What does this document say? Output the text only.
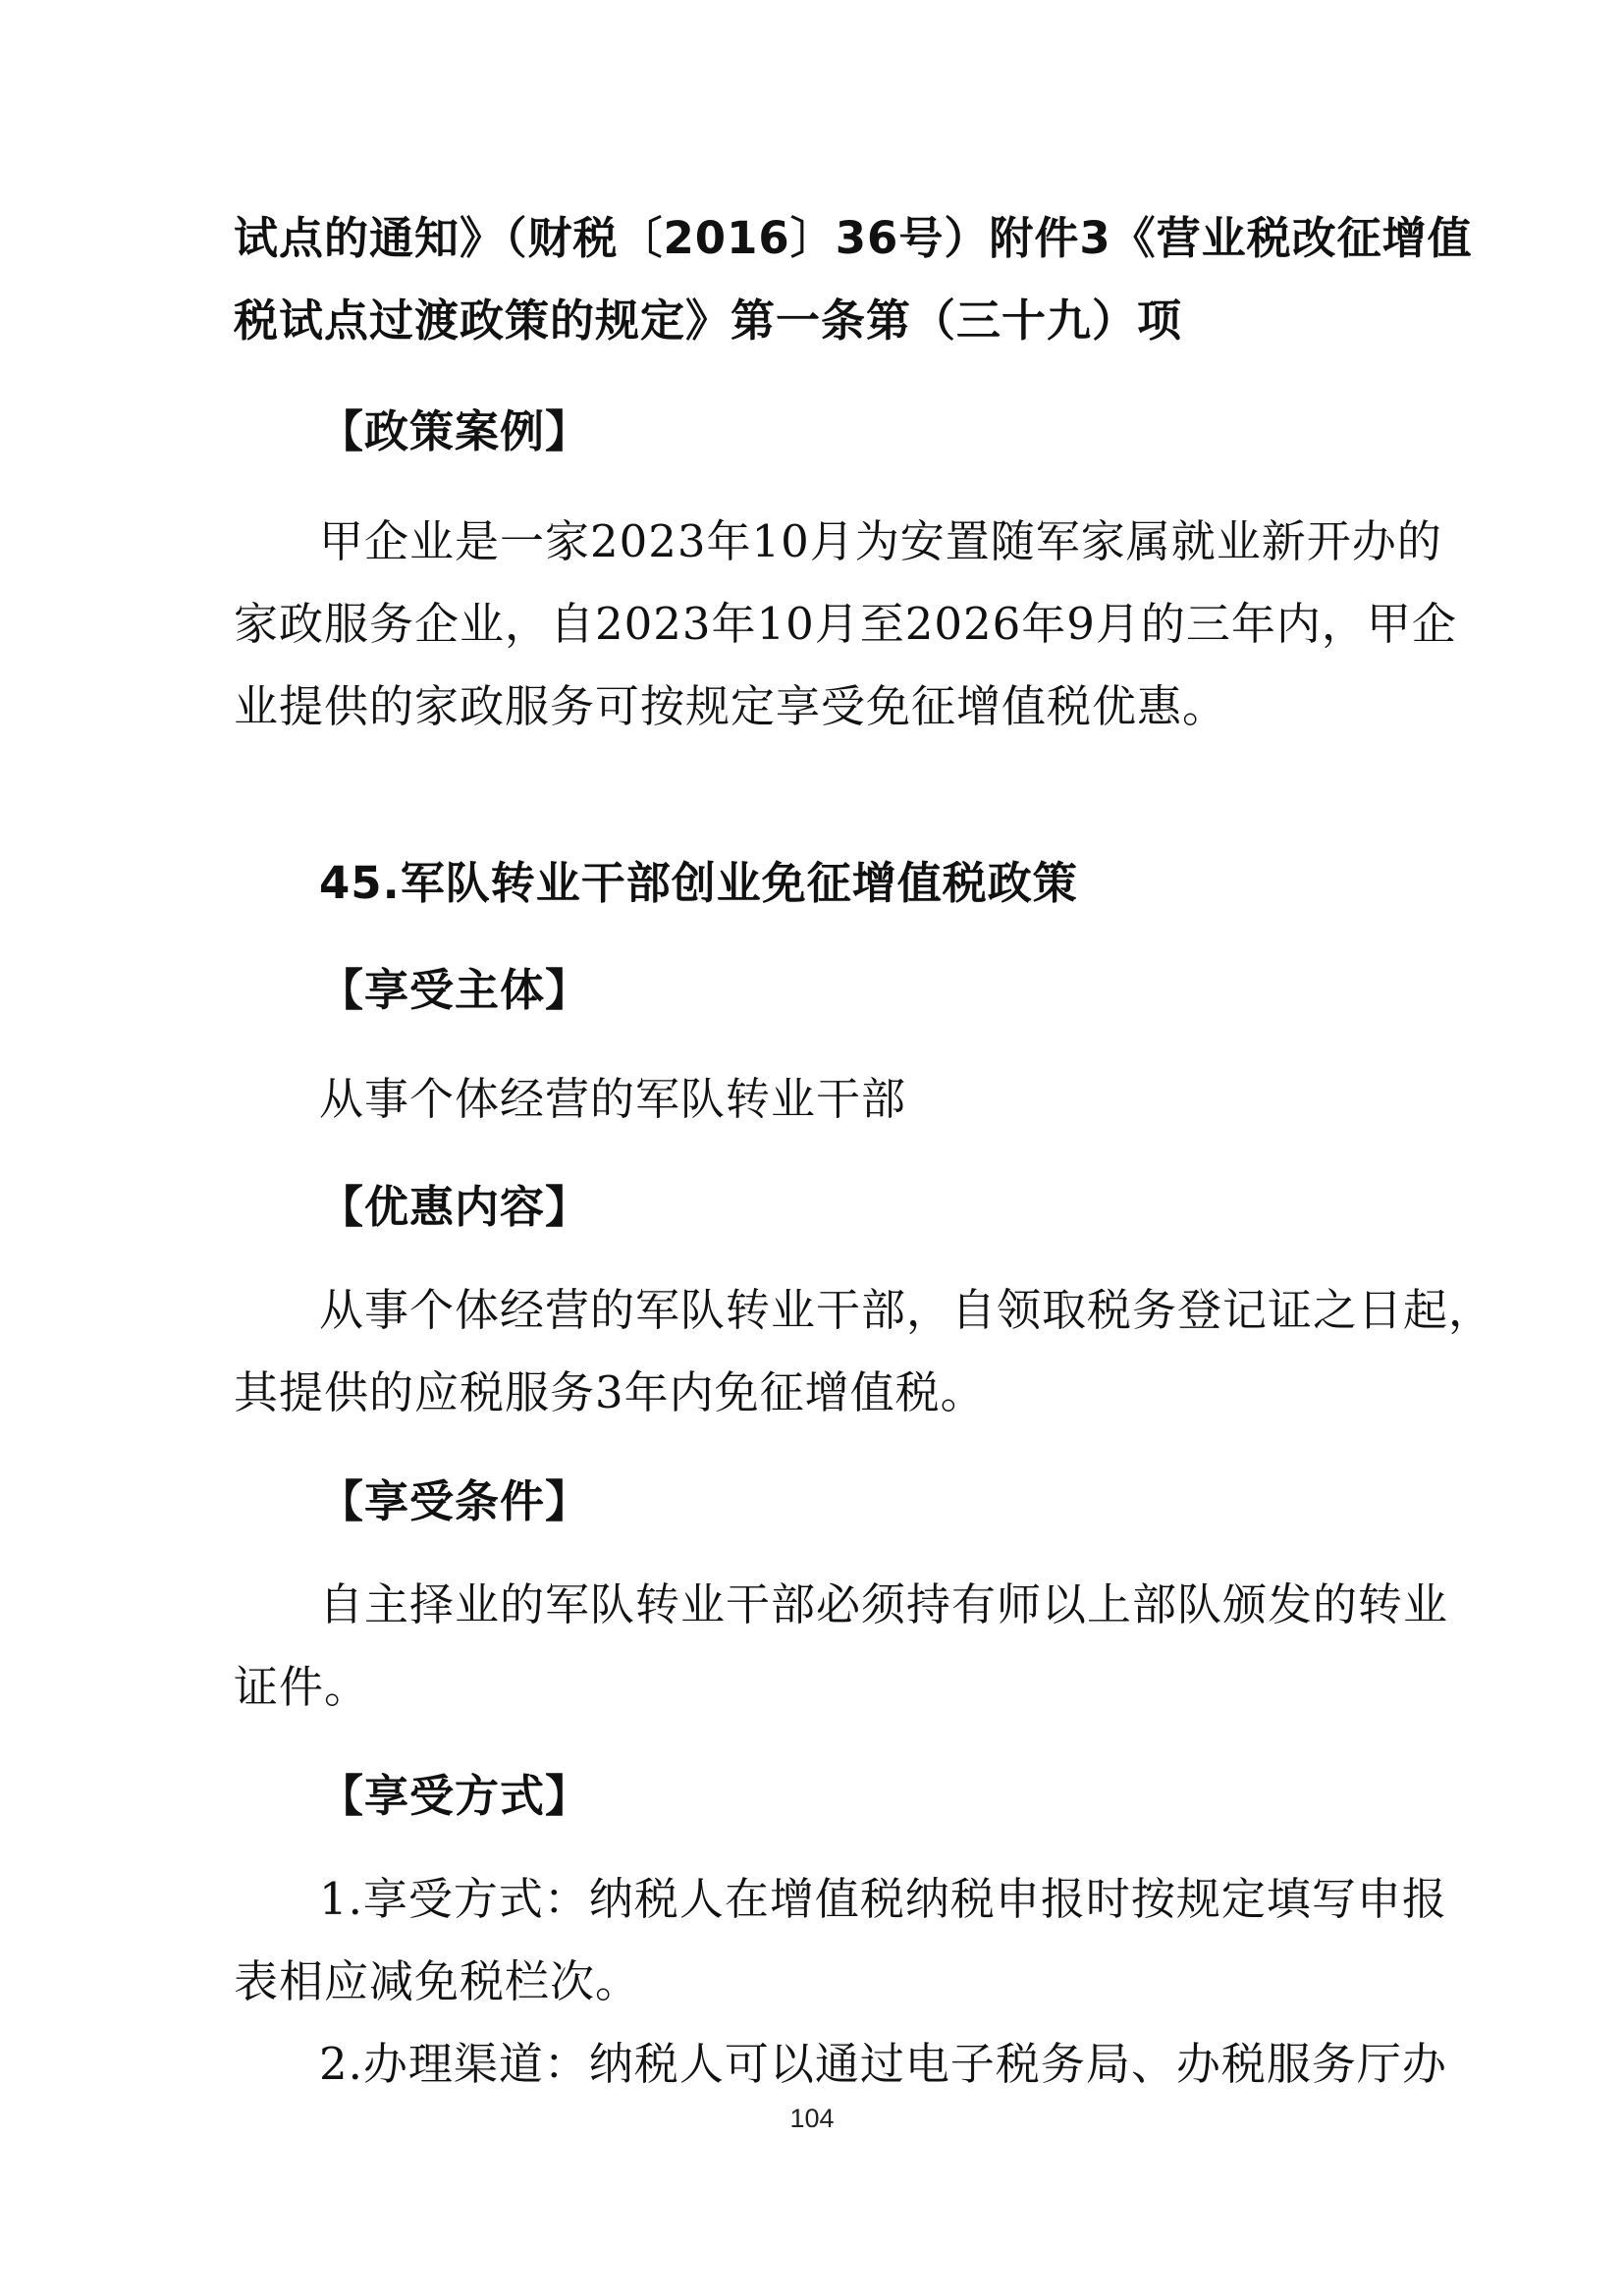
试点的通知》（财税〔2016〕36号）附件3《营业税改征增值
税试点过渡政策的规定》第一条第（三十九）项
【政策案例】
甲企业是一家2023年10月为安置随军家属就业新开办的
家政服务企业，自2023年10月至2026年9月的三年内，甲企
业提供的家政服务可按规定享受免征增值税优惠。
45.军队转业干部创业免征增值税政策
【享受主体】
从事个体经营的军队转业干部
【优惠内容】
从事个体经营的军队转业干部，自领取税务登记证之日起，
其提供的应税服务3年内免征增值税。
【享受条件】
自主择业的军队转业干部必须持有师以上部队颁发的转业
证件。
【享受方式】
1.享受方式：纳税人在增值税纳税申报时按规定填写申报
表相应减免税栏次。
2.办理渠道：纳税人可以通过电子税务局、办税服务厅办
104
